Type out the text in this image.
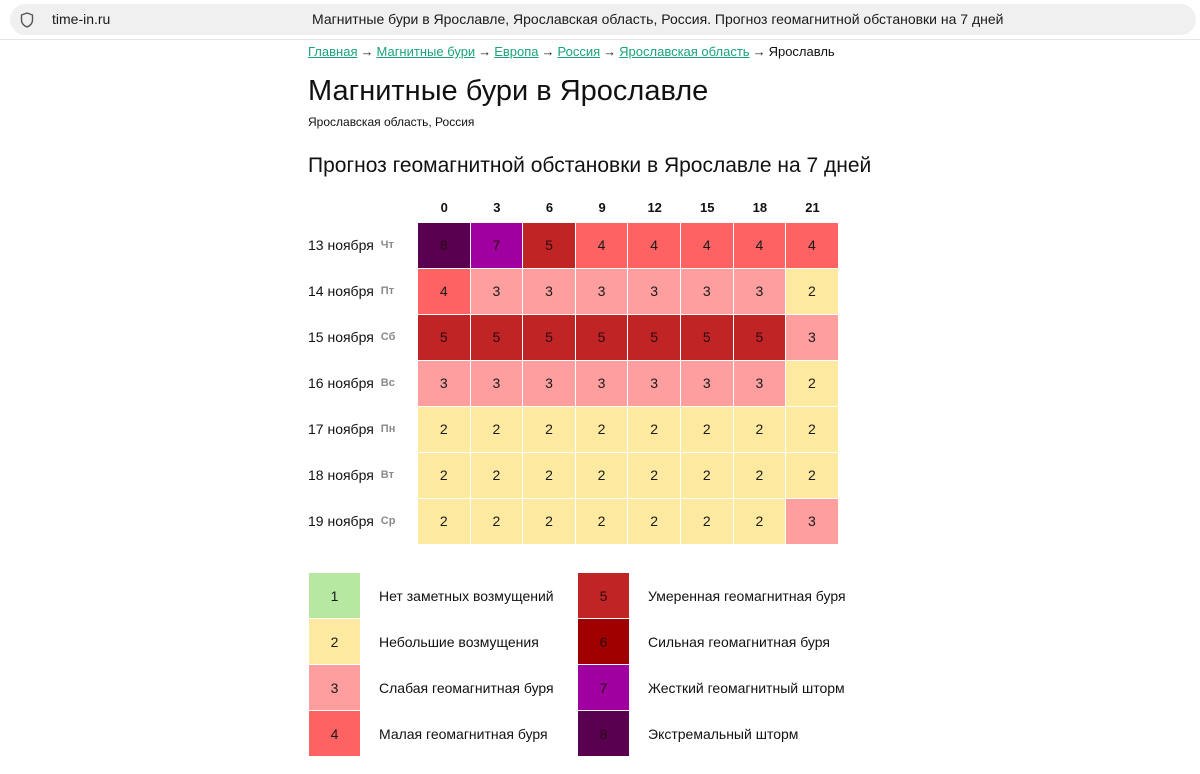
time-in.ru	Магнитные бури в Ярославле, Ярославская область, Россия. Прогноз геомагнитной обстановки на 7 дней
Главная → Магнитные бури → Европа → Россия → Ярославская область → Ярославль
Магнитные бури в Ярославле
Ярославская область, Россия
Прогноз геомагнитной обстановки в Ярославле на 7 дней
0	3	6	9	12	15	18	21
13 ноября Чт	8	7	5	4	4	4	4	4
14 ноября Пт	4	3	3	3	3	3	3	2
15 ноября Сб	5	5	5	5	5	5	5	3
16 ноября Вс	3	3	3	3	3	3	3	2
17 ноября Пн	2	2	2	2	2	2	2	2
18 ноября Вт	2	2	2	2	2	2	2	2
19 ноября Ср	2	2	2	2	2	2	2	3
1	Нет заметных возмущений
2	Небольшие возмущения
3	Слабая геомагнитная буря
4	Малая геомагнитная буря
5	Умеренная геомагнитная буря
6	Сильная геомагнитная буря
7	Жесткий геомагнитный шторм
8	Экстремальный шторм
